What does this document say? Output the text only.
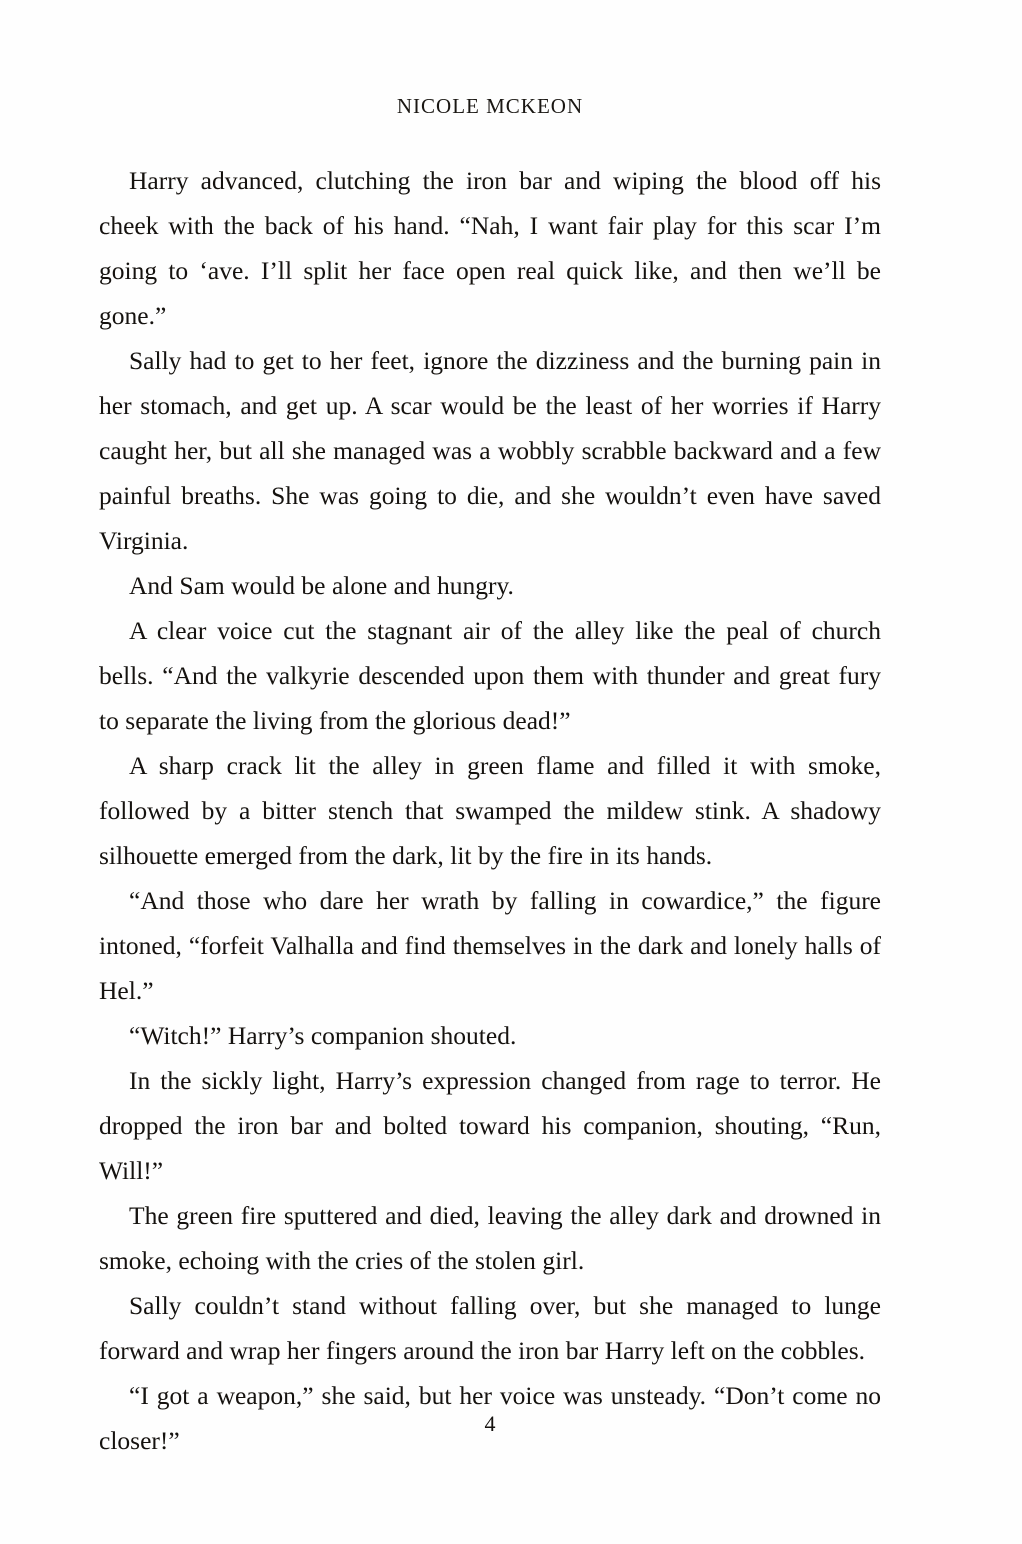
NICOLE MCKEON

Harry advanced, clutching the iron bar and wiping the blood off his cheek with the back of his hand. “Nah, I want fair play for this scar I’m going to ‘ave. I’ll split her face open real quick like, and then we’ll be gone.”

Sally had to get to her feet, ignore the dizziness and the burning pain in her stomach, and get up. A scar would be the least of her worries if Harry caught her, but all she managed was a wobbly scrabble backward and a few painful breaths. She was going to die, and she wouldn’t even have saved Virginia.

And Sam would be alone and hungry.

A clear voice cut the stagnant air of the alley like the peal of church bells. “And the valkyrie descended upon them with thunder and great fury to separate the living from the glorious dead!”

A sharp crack lit the alley in green flame and filled it with smoke, followed by a bitter stench that swamped the mildew stink. A shadowy silhouette emerged from the dark, lit by the fire in its hands.

“And those who dare her wrath by falling in cowardice,” the figure intoned, “forfeit Valhalla and find themselves in the dark and lonely halls of Hel.”

“Witch!” Harry’s companion shouted.

In the sickly light, Harry’s expression changed from rage to terror. He dropped the iron bar and bolted toward his companion, shouting, “Run, Will!”

The green fire sputtered and died, leaving the alley dark and drowned in smoke, echoing with the cries of the stolen girl.

Sally couldn’t stand without falling over, but she managed to lunge forward and wrap her fingers around the iron bar Harry left on the cobbles.

“I got a weapon,” she said, but her voice was unsteady. “Don’t come no closer!”

4
